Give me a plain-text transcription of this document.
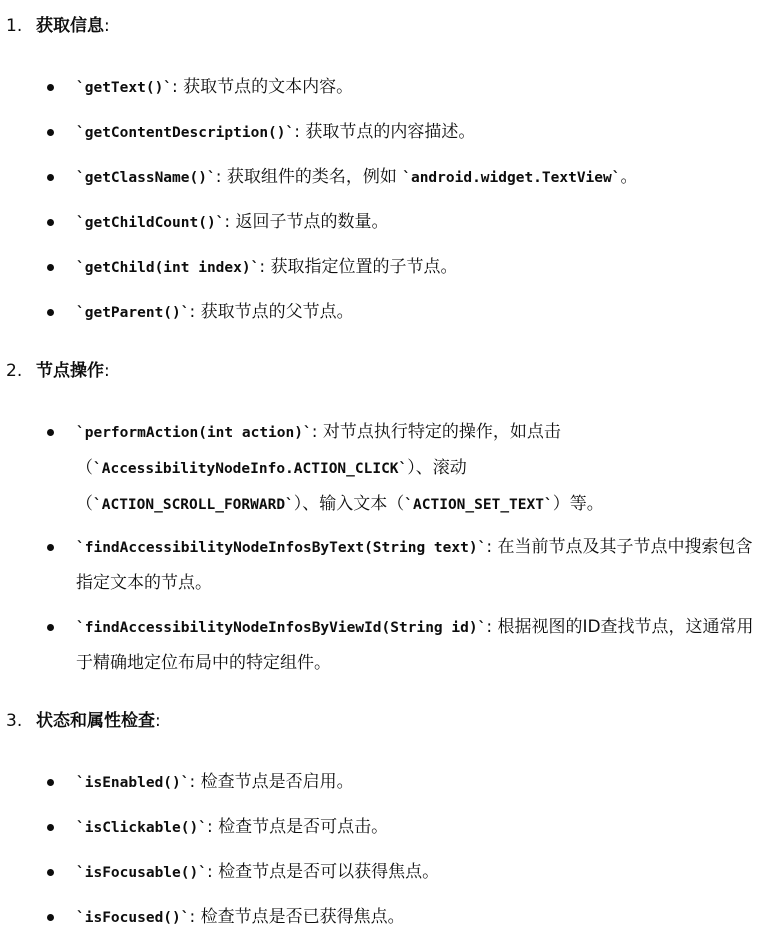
1. 获取信息:
`getText()`: 获取节点的文本内容。
`getContentDescription()`: 获取节点的内容描述。
`getClassName()`: 获取组件的类名，例如 `android.widget.TextView`。
`getChildCount()`: 返回子节点的数量。
`getChild(int index)`: 获取指定位置的子节点。
`getParent()`: 获取节点的父节点。
2. 节点操作:
`performAction(int action)`: 对节点执行特定的操作，如点击
（`AccessibilityNodeInfo.ACTION_CLICK`）、滚动
（`ACTION_SCROLL_FORWARD`）、输入文本（`ACTION_SET_TEXT`）等。
`findAccessibilityNodeInfosByText(String text)`: 在当前节点及其子节点中搜索包含指定文本的节点。
`findAccessibilityNodeInfosByViewId(String id)`: 根据视图的ID查找节点，这通常用于精确地定位布局中的特定组件。
3. 状态和属性检查:
`isEnabled()`: 检查节点是否启用。
`isClickable()`: 检查节点是否可点击。
`isFocusable()`: 检查节点是否可以获得焦点。
`isFocused()`: 检查节点是否已获得焦点。
